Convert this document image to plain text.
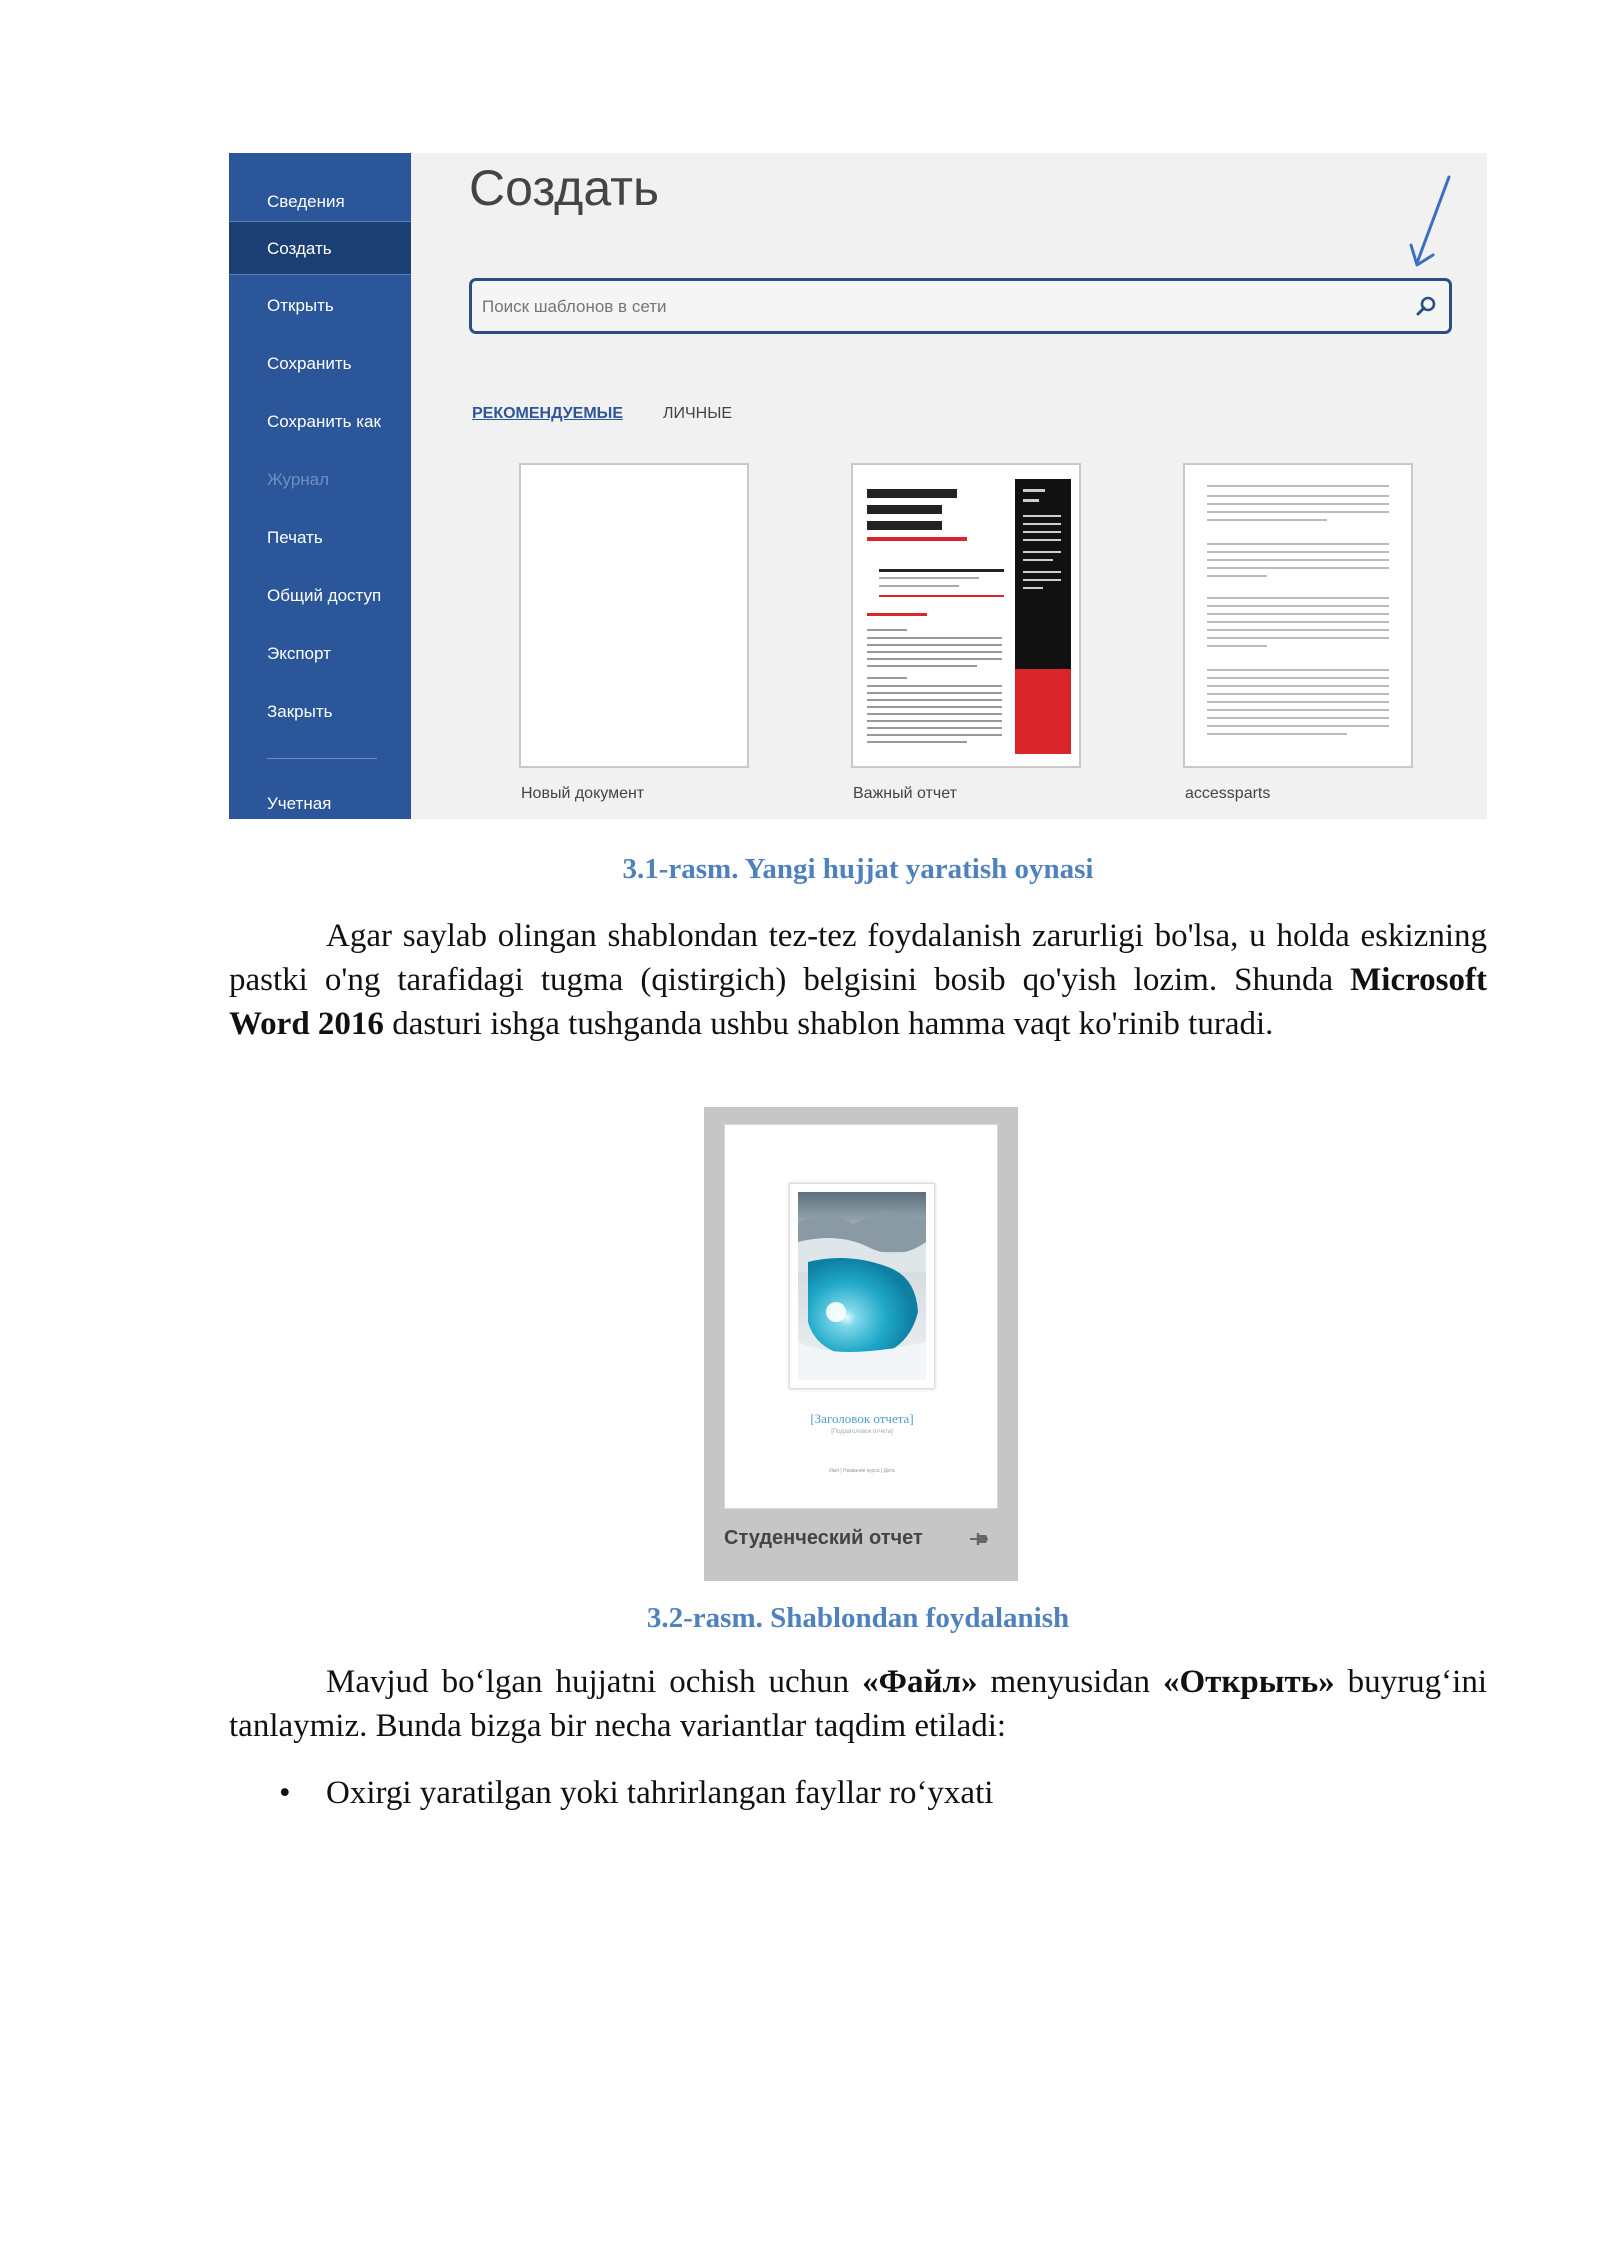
Сведения
Создать
Открыть
Сохранить
Сохранить как
Журнал
Печать
Общий доступ
Экспорт
Закрыть
Учетная
Создать
Поиск шаблонов в сети
РЕКОМЕНДУЕМЫЕ	ЛИЧНЫЕ
Новый документ	Важный отчет	accessparts
3.1-rasm. Yangi hujjat yaratish oynasi

Agar saylab olingan shablondan tez-tez foydalanish zarurligi bo'lsa, u holda eskizning pastki o'ng tarafidagi tugma (qistirgich) belgisini bosib qo'yish lozim. Shunda Microsoft Word 2016 dasturi ishga tushganda ushbu shablon hamma vaqt ko'rinib turadi.

[Заголовок отчета]
[Подзаголовок отчета]
Имя | Название курса | Дата
Студенческий отчет
3.2-rasm. Shablondan foydalanish

Mavjud bo‘lgan hujjatni ochish uchun «Файл» menyusidan «Открыть» buyrug‘ini tanlaymiz. Bunda bizga bir necha variantlar taqdim etiladi:

• Oxirgi yaratilgan yoki tahrirlangan fayllar ro‘yxati
